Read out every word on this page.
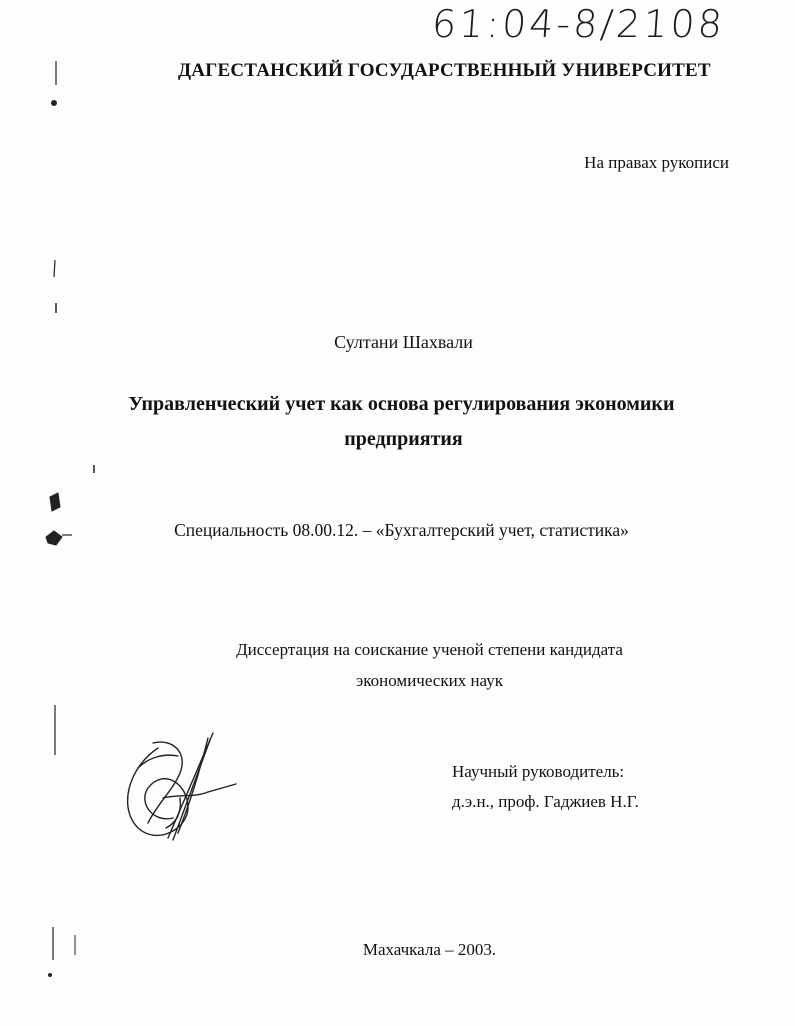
61:04-8/2108
ДАГЕСТАНСКИЙ ГОСУДАРСТВЕННЫЙ УНИВЕРСИТЕТ
На правах рукописи
Султани Шахвали
Управленческий учет как основа регулирования экономики
предприятия
Специальность 08.00.12. – «Бухгалтерский учет, статистика»
Диссертация на соискание ученой степени кандидата
экономических наук
Научный руководитель:
д.э.н., проф. Гаджиев Н.Г.
Махачкала – 2003.
